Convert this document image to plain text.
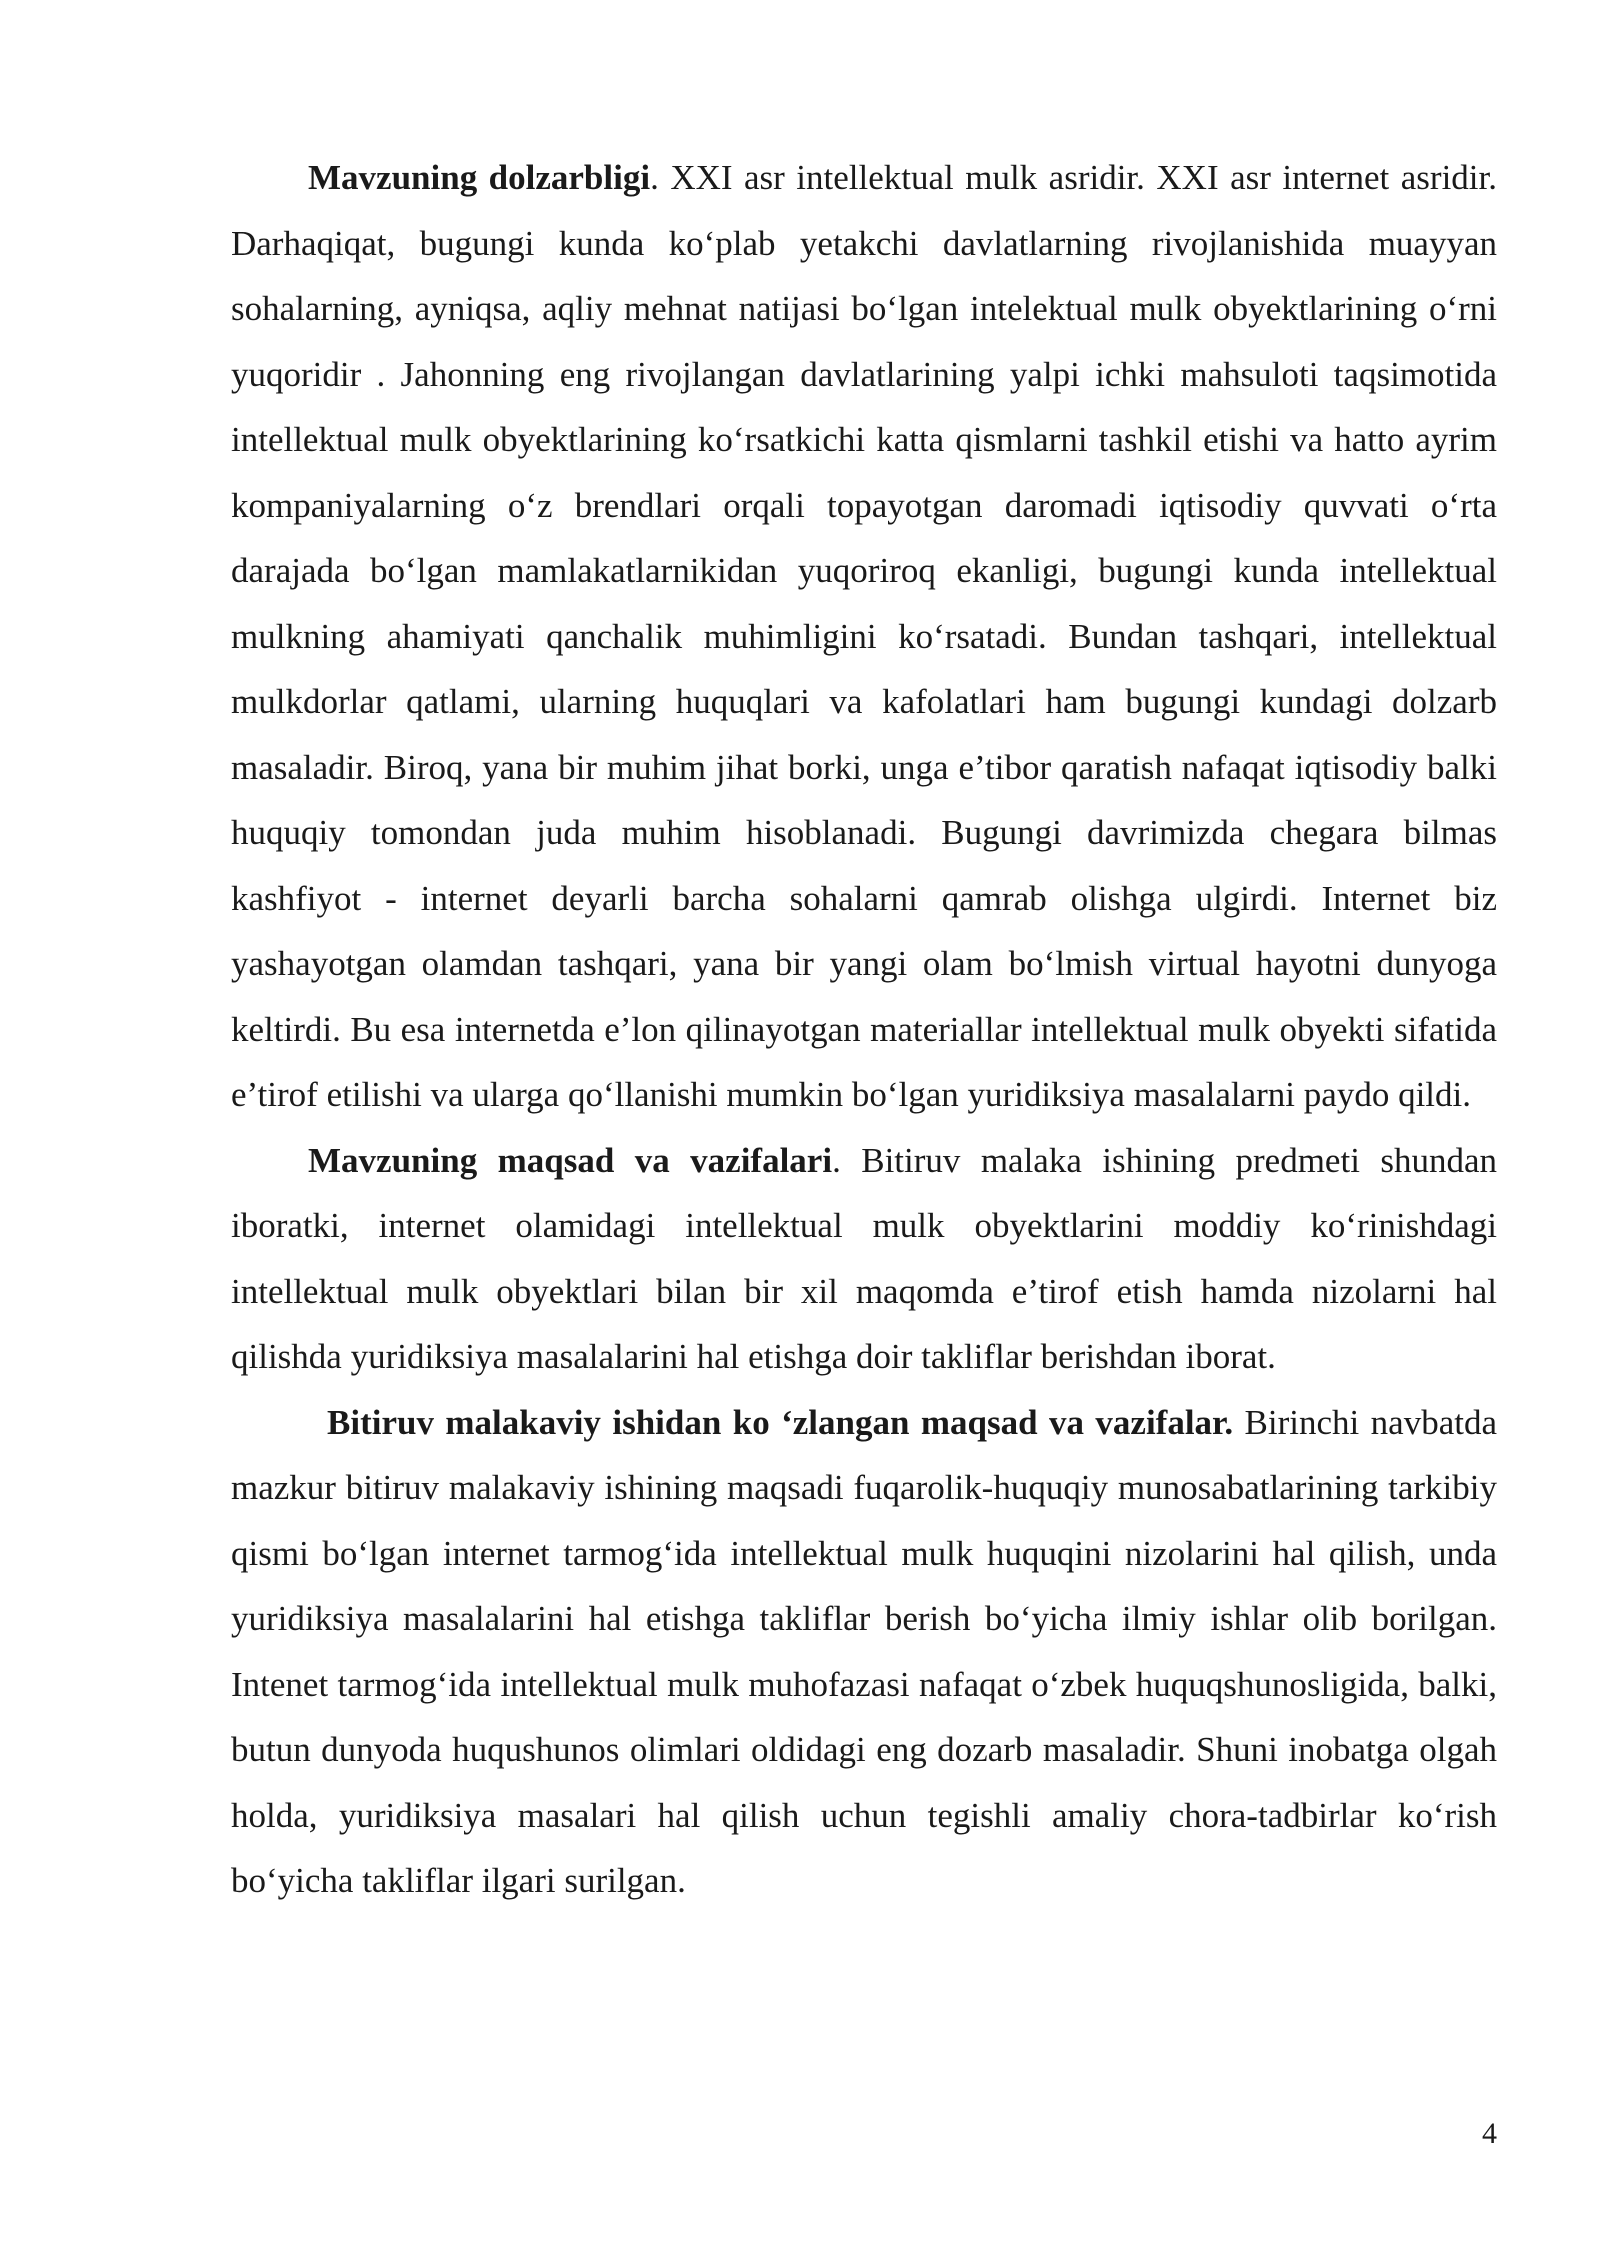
Mavzuning dolzarbligi. XXI asr intellektual mulk asridir. XXI asr internet asridir. Darhaqiqat, bugungi kunda ko‘plab yetakchi davlatlarning rivojlanishida muayyan sohalarning, ayniqsa, aqliy mehnat natijasi bo‘lgan intelektual mulk obyektlarining o‘rni yuqoridir . Jahonning eng rivojlangan davlatlarining yalpi ichki mahsuloti taqsimotida intellektual mulk obyektlarining ko‘rsatkichi katta qismlarni tashkil etishi va hatto ayrim kompaniyalarning o‘z brendlari orqali topayotgan daromadi iqtisodiy quvvati o‘rta darajada bo‘lgan mamlakatlarnikidan yuqoriroq ekanligi, bugungi kunda intellektual mulkning ahamiyati qanchalik muhimligini ko‘rsatadi. Bundan tashqari, intellektual mulkdorlar qatlami, ularning huquqlari va kafolatlari ham bugungi kundagi dolzarb masaladir. Biroq, yana bir muhim jihat borki, unga e’tibor qaratish nafaqat iqtisodiy balki huquqiy tomondan juda muhim hisoblanadi. Bugungi davrimizda chegara bilmas kashfiyot - internet deyarli barcha sohalarni qamrab olishga ulgirdi. Internet biz yashayotgan olamdan tashqari, yana bir yangi olam bo‘lmish virtual hayotni dunyoga keltirdi. Bu esa internetda e’lon qilinayotgan materiallar intellektual mulk obyekti sifatida e’tirof etilishi va ularga qo‘llanishi mumkin bo‘lgan yuridiksiya masalalarni paydo qildi.

Mavzuning maqsad va vazifalari. Bitiruv malaka ishining predmeti shundan iboratki, internet olamidagi intellektual mulk obyektlarini moddiy ko‘rinishdagi intellektual mulk obyektlari bilan bir xil maqomda e’tirof etish hamda nizolarni hal qilishda yuridiksiya masalalarini hal etishga doir takliflar berishdan iborat.

Bitiruv malakaviy ishidan ko ‘zlangan maqsad va vazifalar. Birinchi navbatda mazkur bitiruv malakaviy ishining maqsadi fuqarolik-huquqiy munosabatlarining tarkibiy qismi bo‘lgan internet tarmog‘ida intellektual mulk huquqini nizolarini hal qilish, unda yuridiksiya masalalarini hal etishga takliflar berish bo‘yicha ilmiy ishlar olib borilgan. Intenet tarmog‘ida intellektual mulk muhofazasi nafaqat o‘zbek huquqshunosligida, balki, butun dunyoda huqushunos olimlari oldidagi eng dozarb masaladir. Shuni inobatga olgah holda, yuridiksiya masalari hal qilish uchun tegishli amaliy chora-tadbirlar ko‘rish bo‘yicha takliflar ilgari surilgan.

4
